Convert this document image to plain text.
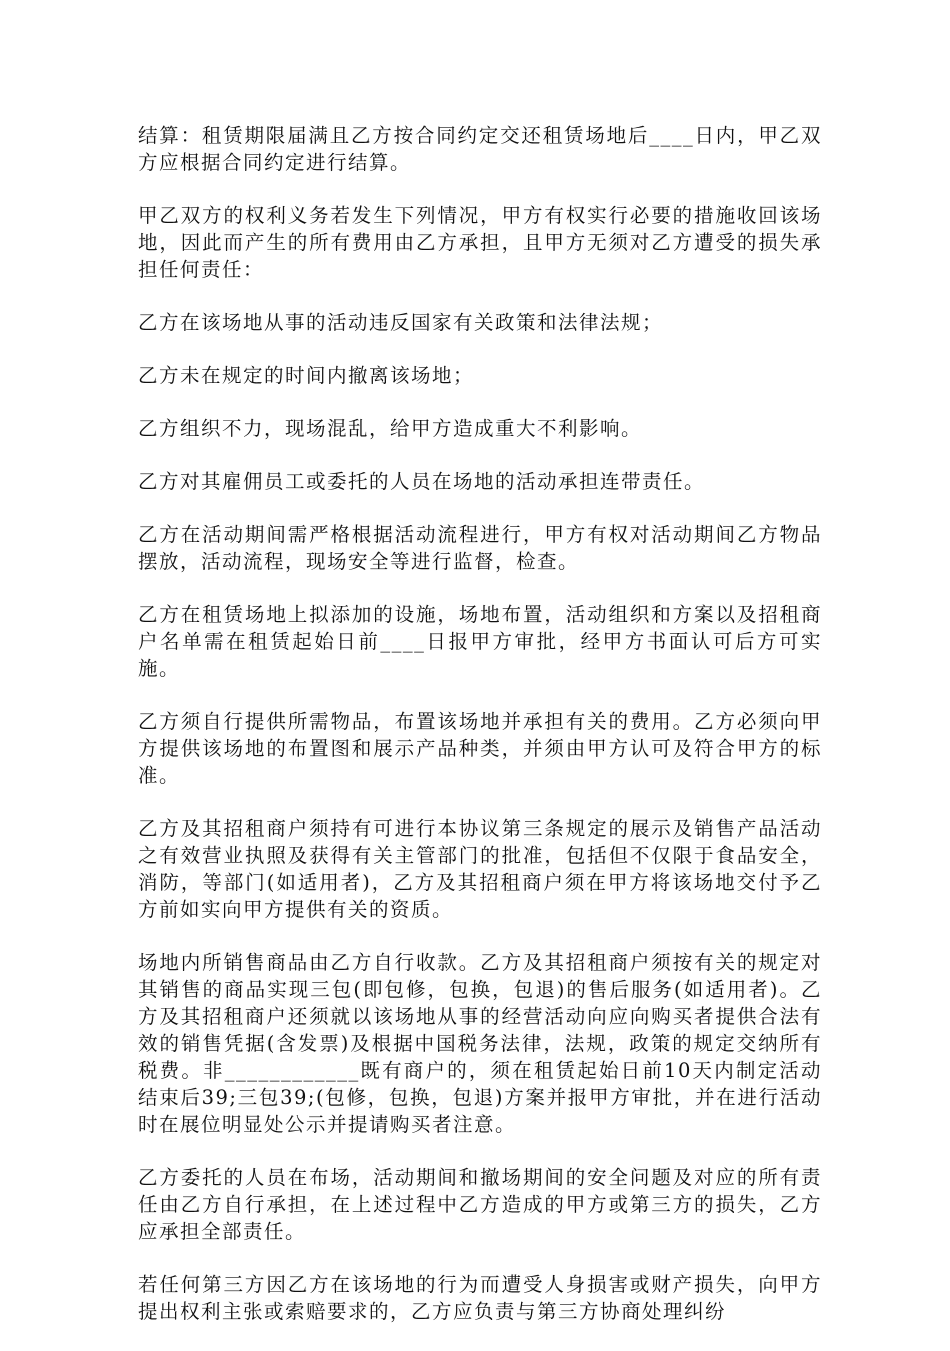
结算：租赁期限届满且乙方按合同约定交还租赁场地后____日内，甲乙双方应根据合同约定进行结算。

甲乙双方的权利义务若发生下列情况，甲方有权实行必要的措施收回该场地，因此而产生的所有费用由乙方承担，且甲方无须对乙方遭受的损失承担任何责任：

乙方在该场地从事的活动违反国家有关政策和法律法规；

乙方未在规定的时间内撤离该场地；

乙方组织不力，现场混乱，给甲方造成重大不利影响。

乙方对其雇佣员工或委托的人员在场地的活动承担连带责任。

乙方在活动期间需严格根据活动流程进行，甲方有权对活动期间乙方物品摆放，活动流程，现场安全等进行监督，检查。

乙方在租赁场地上拟添加的设施，场地布置，活动组织和方案以及招租商户名单需在租赁起始日前____日报甲方审批，经甲方书面认可后方可实施。

乙方须自行提供所需物品，布置该场地并承担有关的费用。乙方必须向甲方提供该场地的布置图和展示产品种类，并须由甲方认可及符合甲方的标准。

乙方及其招租商户须持有可进行本协议第三条规定的展示及销售产品活动之有效营业执照及获得有关主管部门的批准，包括但不仅限于食品安全，消防，等部门(如适用者)，乙方及其招租商户须在甲方将该场地交付予乙方前如实向甲方提供有关的资质。

场地内所销售商品由乙方自行收款。乙方及其招租商户须按有关的规定对其销售的商品实现三包(即包修，包换，包退)的售后服务(如适用者)。乙方及其招租商户还须就以该场地从事的经营活动向应向购买者提供合法有效的销售凭据(含发票)及根据中国税务法律，法规，政策的规定交纳所有税费。非____________既有商户的，须在租赁起始日前10天内制定活动结束后39;三包39;(包修，包换，包退)方案并报甲方审批，并在进行活动时在展位明显处公示并提请购买者注意。

乙方委托的人员在布场，活动期间和撤场期间的安全问题及对应的所有责任由乙方自行承担，在上述过程中乙方造成的甲方或第三方的损失，乙方应承担全部责任。

若任何第三方因乙方在该场地的行为而遭受人身损害或财产损失，向甲方提出权利主张或索赔要求的，乙方应负责与第三方协商处理纠纷
